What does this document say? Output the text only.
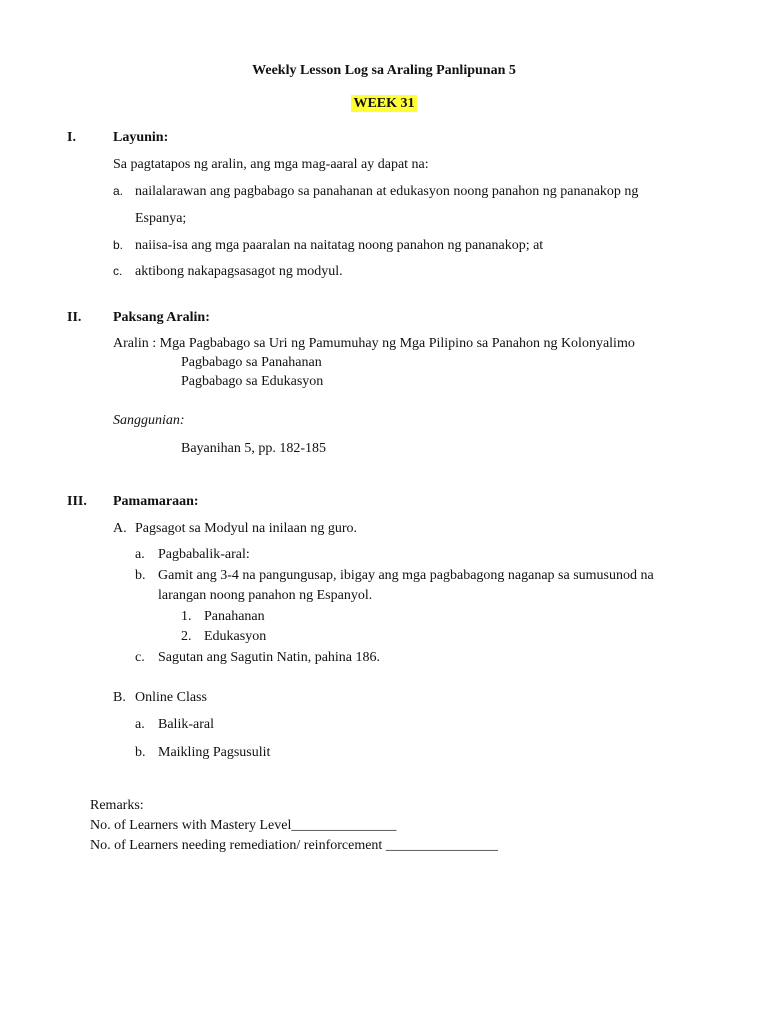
Weekly Lesson Log sa Araling Panlipunan 5
WEEK 31
I.	Layunin:
Sa pagtatapos ng aralin, ang mga mag-aaral ay dapat na:
a. nailalarawan ang pagbabago sa panahanan at edukasyon noong panahon ng pananakop ng
Espanya;
b. naiisa-isa ang mga paaralan na naitatag noong panahon ng pananakop; at
c. aktibong nakapagsasagot ng modyul.
II. Paksang Aralin:
Aralin : Mga Pagbabago sa Uri ng Pamumuhay ng Mga Pilipino sa Panahon ng Kolonyalimo
Pagbabago sa Panahanan
Pagbabago sa Edukasyon
Sanggunian:
Bayanihan 5, pp. 182-185
III. Pamamaraan:
A. Pagsagot sa Modyul na inilaan ng guro.
a. Pagbabalik-aral:
b. Gamit ang 3-4 na pangungusap, ibigay ang mga pagbabagong naganap sa sumusunod na
larangan noong panahon ng Espanyol.
1. Panahanan
2. Edukasyon
c. Sagutan ang Sagutin Natin, pahina 186.
B. Online Class
a. Balik-aral
b. Maikling Pagsusulit
Remarks:
No. of Learners with Mastery Level_______________
No. of Learners needing remediation/ reinforcement ________________
